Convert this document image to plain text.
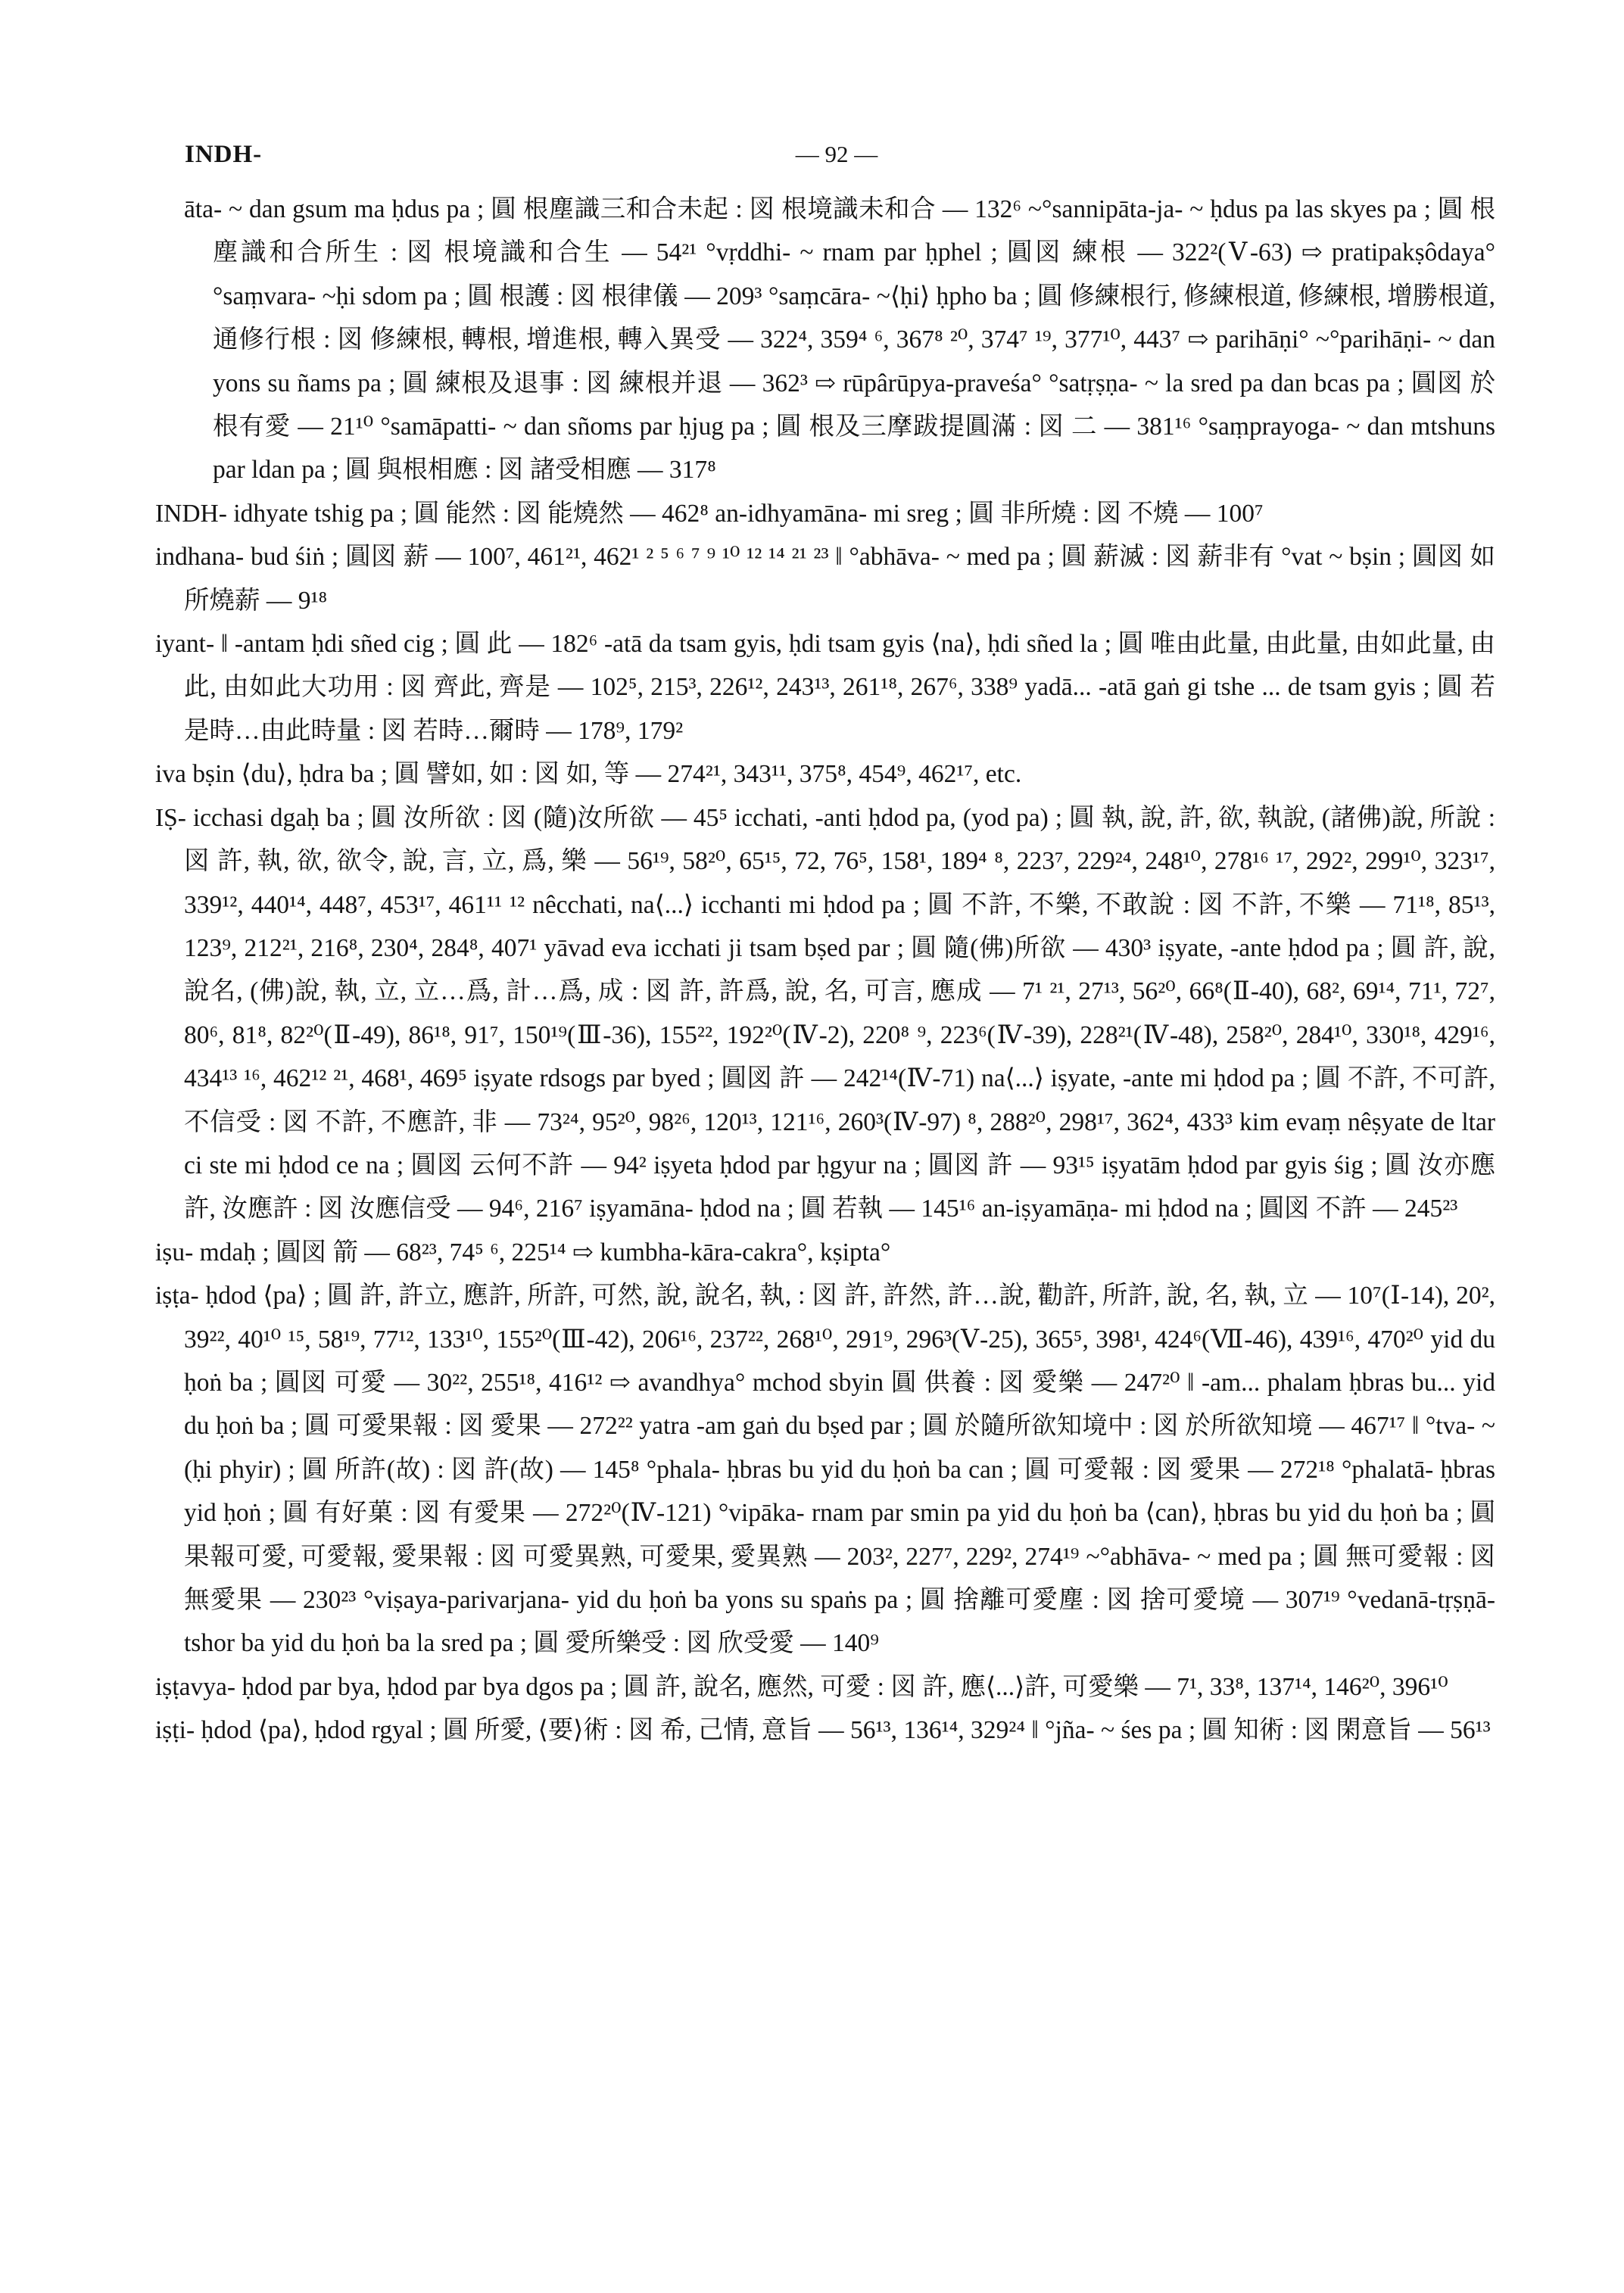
INDH-	— 92 —

āta- ~ dan gsum ma ḥdus pa ; 圓 根塵識三和合未起 : 図 根境識未和合 — 132⁶ ~°sannipāta-ja- ~ ḥdus pa las skyes pa ; 圓 根塵識和合所生 : 図 根境識和合生 — 54²¹ °vṛddhi- ~ rnam par ḥphel ; 圓図 練根 — 322²(Ⅴ-63) ⇨ pratipakṣôdaya° °saṃvara- ~ḥi sdom pa ; 圓 根護 : 図 根律儀 — 209³ °saṃcāra- ~⟨ḥi⟩ ḥpho ba ; 圓 修練根行, 修練根道, 修練根, 增勝根道, 通修行根 : 図 修練根, 轉根, 增進根, 轉入異受 — 322⁴, 359⁴ ⁶, 367⁸ ²⁰, 374⁷ ¹⁹, 377¹⁰, 443⁷ ⇨ parihāṇi° ~°parihāṇi- ~ dan yons su ñams pa ; 圓 練根及退事 : 図 練根并退 — 362³ ⇨ rūpârūpya-praveśa° °satṛṣṇa- ~ la sred pa dan bcas pa ; 圓図 於根有愛 — 21¹⁰ °samāpatti- ~ dan sñoms par ḥjug pa ; 圓 根及三摩跋提圓滿 : 図 二 — 381¹⁶ °saṃprayoga- ~ dan mtshuns par ldan pa ; 圓 與根相應 : 図 諸受相應 — 317⁸

INDH- idhyate tshig pa ; 圓 能然 : 図 能燒然 — 462⁸ an-idhyamāna- mi sreg ; 圓 非所燒 : 図 不燒 — 100⁷

indhana- bud śiṅ ; 圓図 薪 — 100⁷, 461²¹, 462¹ ² ⁵ ⁶ ⁷ ⁹ ¹⁰ ¹² ¹⁴ ²¹ ²³ ‖ °abhāva- ~ med pa ; 圓 薪滅 : 図 薪非有 °vat ~ bṣin ; 圓図 如所燒薪 — 9¹⁸

iyant- ‖ -antam ḥdi sñed cig ; 圓 此 — 182⁶ -atā da tsam gyis, ḥdi tsam gyis ⟨na⟩, ḥdi sñed la ; 圓 唯由此量, 由此量, 由如此量, 由此, 由如此大功用 : 図 齊此, 齊是 — 102⁵, 215³, 226¹², 243¹³, 261¹⁸, 267⁶, 338⁹ yadā... -atā gaṅ gi tshe ... de tsam gyis ; 圓 若是時…由此時量 : 図 若時…爾時 — 178⁹, 179²

iva bṣin ⟨du⟩, ḥdra ba ; 圓 譬如, 如 : 図 如, 等 — 274²¹, 343¹¹, 375⁸, 454⁹, 462¹⁷, etc.

IṢ- icchasi dgaḥ ba ; 圓 汝所欲 : 図 (隨)汝所欲 — 45⁵ icchati, -anti ḥdod pa, (yod pa) ; 圓 執, 說, 許, 欲, 執說, (諸佛)說, 所說 : 図 許, 執, 欲, 欲令, 說, 言, 立, 爲, 樂 — 56¹⁹, 58²⁰, 65¹⁵, 72, 76⁵, 158¹, 189⁴ ⁸, 223⁷, 229²⁴, 248¹⁰, 278¹⁶ ¹⁷, 292², 299¹⁰, 323¹⁷, 339¹², 440¹⁴, 448⁷, 453¹⁷, 461¹¹ ¹² nêcchati, na⟨...⟩ icchanti mi ḥdod pa ; 圓 不許, 不樂, 不敢說 : 図 不許, 不樂 — 71¹⁸, 85¹³, 123⁹, 212²¹, 216⁸, 230⁴, 284⁸, 407¹ yāvad eva icchati ji tsam bṣed par ; 圓 隨(佛)所欲 — 430³ iṣyate, -ante ḥdod pa ; 圓 許, 說, 說名, (佛)說, 執, 立, 立…爲, 計…爲, 成 : 図 許, 許爲, 說, 名, 可言, 應成 — 7¹ ²¹, 27¹³, 56²⁰, 66⁸(Ⅱ-40), 68², 69¹⁴, 71¹, 72⁷, 80⁶, 81⁸, 82²⁰(Ⅱ-49), 86¹⁸, 91⁷, 150¹⁹(Ⅲ-36), 155²², 192²⁰(Ⅳ-2), 220⁸ ⁹, 223⁶(Ⅳ-39), 228²¹(Ⅳ-48), 258²⁰, 284¹⁰, 330¹⁸, 429¹⁶, 434¹³ ¹⁶, 462¹² ²¹, 468¹, 469⁵ iṣyate rdsogs par byed ; 圓図 許 — 242¹⁴(Ⅳ-71) na⟨...⟩ iṣyate, -ante mi ḥdod pa ; 圓 不許, 不可許, 不信受 : 図 不許, 不應許, 非 — 73²⁴, 95²⁰, 98²⁶, 120¹³, 121¹⁶, 260³(Ⅳ-97) ⁸, 288²⁰, 298¹⁷, 362⁴, 433³ kim evaṃ nêṣyate de ltar ci ste mi ḥdod ce na ; 圓図 云何不許 — 94² iṣyeta ḥdod par ḥgyur na ; 圓図 許 — 93¹⁵ iṣyatām ḥdod par gyis śig ; 圓 汝亦應許, 汝應許 : 図 汝應信受 — 94⁶, 216⁷ iṣyamāna- ḥdod na ; 圓 若執 — 145¹⁶ an-iṣyamāṇa- mi ḥdod na ; 圓図 不許 — 245²³

iṣu- mdaḥ ; 圓図 箭 — 68²³, 74⁵ ⁶, 225¹⁴ ⇨ kumbha-kāra-cakra°, kṣipta°

iṣṭa- ḥdod ⟨pa⟩ ; 圓 許, 許立, 應許, 所許, 可然, 說, 說名, 執, : 図 許, 許然, 許…說, 勸許, 所許, 說, 名, 執, 立 — 10⁷(Ⅰ-14), 20², 39²², 40¹⁰ ¹⁵, 58¹⁹, 77¹², 133¹⁰, 155²⁰(Ⅲ-42), 206¹⁶, 237²², 268¹⁰, 291⁹, 296³(Ⅴ-25), 365⁵, 398¹, 424⁶(Ⅶ-46), 439¹⁶, 470²⁰ yid du ḥoṅ ba ; 圓図 可愛 — 30²², 255¹⁸, 416¹² ⇨ avandhya° mchod sbyin 圓 供養 : 図 愛樂 — 247²⁰ ‖ -am... phalam ḥbras bu... yid du ḥoṅ ba ; 圓 可愛果報 : 図 愛果 — 272²² yatra -am gaṅ du bṣed par ; 圓 於隨所欲知境中 : 図 於所欲知境 — 467¹⁷ ‖ °tva- ~(ḥi phyir) ; 圓 所許(故) : 図 許(故) — 145⁸ °phala- ḥbras bu yid du ḥoṅ ba can ; 圓 可愛報 : 図 愛果 — 272¹⁸ °phalatā- ḥbras yid ḥoṅ ; 圓 有好菓 : 図 有愛果 — 272²⁰(Ⅳ-121) °vipāka- rnam par smin pa yid du ḥoṅ ba ⟨can⟩, ḥbras bu yid du ḥoṅ ba ; 圓 果報可愛, 可愛報, 愛果報 : 図 可愛異熟, 可愛果, 愛異熟 — 203², 227⁷, 229², 274¹⁹ ~°abhāva- ~ med pa ; 圓 無可愛報 : 図 無愛果 — 230²³ °viṣaya-parivarjana- yid du ḥoṅ ba yons su spaṅs pa ; 圓 捨離可愛塵 : 図 捨可愛境 — 307¹⁹ °vedanā-tṛṣṇā- tshor ba yid du ḥoṅ ba la sred pa ; 圓 愛所樂受 : 図 欣受愛 — 140⁹

iṣṭavya- ḥdod par bya, ḥdod par bya dgos pa ; 圓 許, 說名, 應然, 可愛 : 図 許, 應⟨...⟩許, 可愛樂 — 7¹, 33⁸, 137¹⁴, 146²⁰, 396¹⁰

iṣṭi- ḥdod ⟨pa⟩, ḥdod rgyal ; 圓 所愛, ⟨要⟩術 : 図 希, 己情, 意旨 — 56¹³, 136¹⁴, 329²⁴ ‖ °jña- ~ śes pa ; 圓 知術 : 図 閑意旨 — 56¹³
